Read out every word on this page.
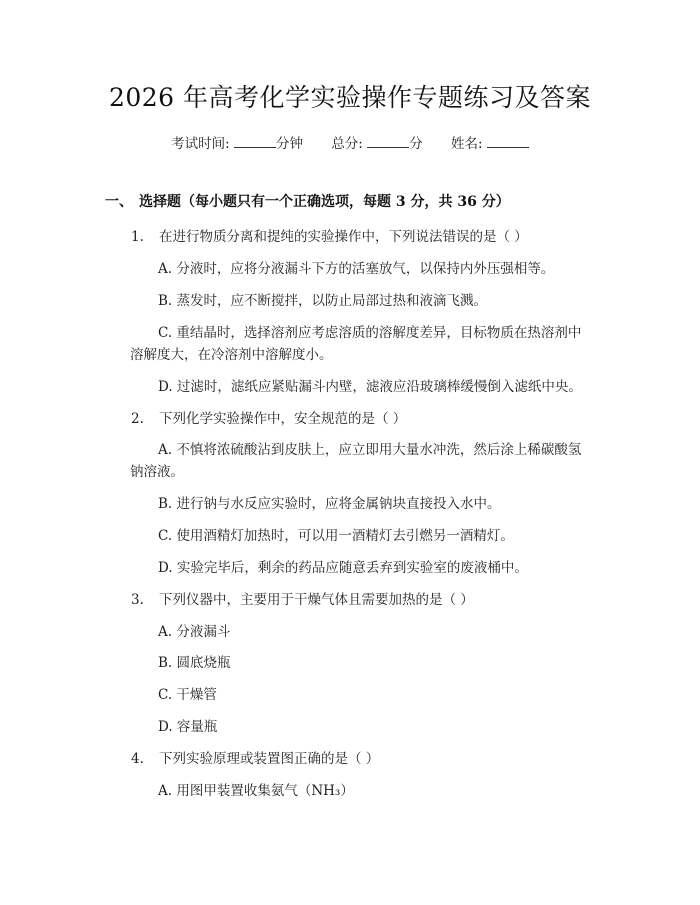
2026 年高考化学实验操作专题练习及答案
考试时间:	分钟 总分:	分 姓名:
一、 选择题（每小题只有一个正确选项，每题 3 分，共 36 分）
1. 在进行物质分离和提纯的实验操作中，下列说法错误的是（ ）
A. 分液时，应将分液漏斗下方的活塞放气，以保持内外压强相等。
B. 蒸发时，应不断搅拌，以防止局部过热和液滴飞溅。
C. 重结晶时，选择溶剂应考虑溶质的溶解度差异，目标物质在热溶剂中
溶解度大，在冷溶剂中溶解度小。
D. 过滤时，滤纸应紧贴漏斗内壁，滤液应沿玻璃棒缓慢倒入滤纸中央。
2. 下列化学实验操作中，安全规范的是（ ）
A. 不慎将浓硫酸沾到皮肤上，应立即用大量水冲洗，然后涂上稀碳酸氢
钠溶液。
B. 进行钠与水反应实验时，应将金属钠块直接投入水中。
C. 使用酒精灯加热时，可以用一酒精灯去引燃另一酒精灯。
D. 实验完毕后，剩余的药品应随意丢弃到实验室的废液桶中。
3. 下列仪器中，主要用于干燥气体且需要加热的是（ ）
A. 分液漏斗
B. 圆底烧瓶
C. 干燥管
D. 容量瓶
4. 下列实验原理或装置图正确的是（ ）
A. 用图甲装置收集氨气（NH₃）
